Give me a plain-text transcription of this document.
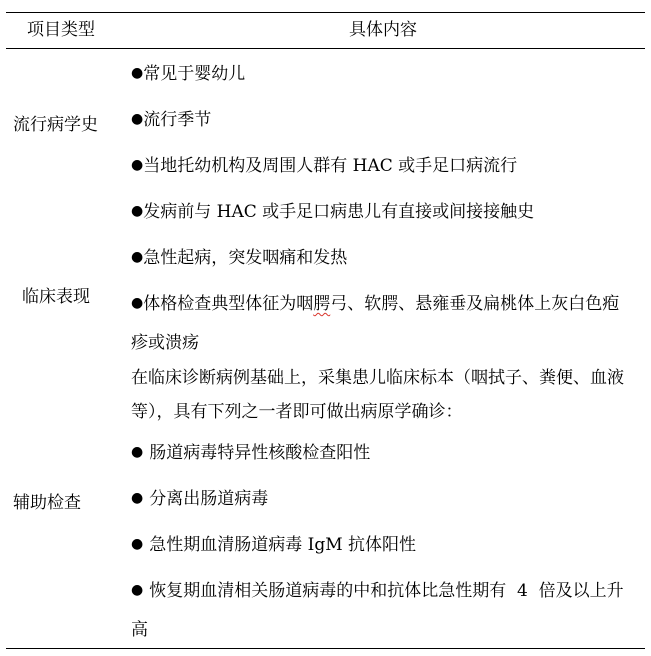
项目类型	具体内容
流行病学史
●常见于婴幼儿
●流行季节
●当地托幼机构及周围人群有 HAC 或手足口病流行
●发病前与 HAC 或手足口病患儿有直接或间接接触史
临床表现
●急性起病，突发咽痛和发热
●体格检查典型体征为咽腭弓、软腭、悬雍垂及扁桃体上灰白色疱
疹或溃疡
辅助检查
在临床诊断病例基础上，采集患儿临床标本（咽拭子、粪便、血液
等），具有下列之一者即可做出病原学确诊：
● 肠道病毒特异性核酸检查阳性
● 分离出肠道病毒
● 急性期血清肠道病毒 IgM 抗体阳性
● 恢复期血清相关肠道病毒的中和抗体比急性期有  4  倍及以上升
高
